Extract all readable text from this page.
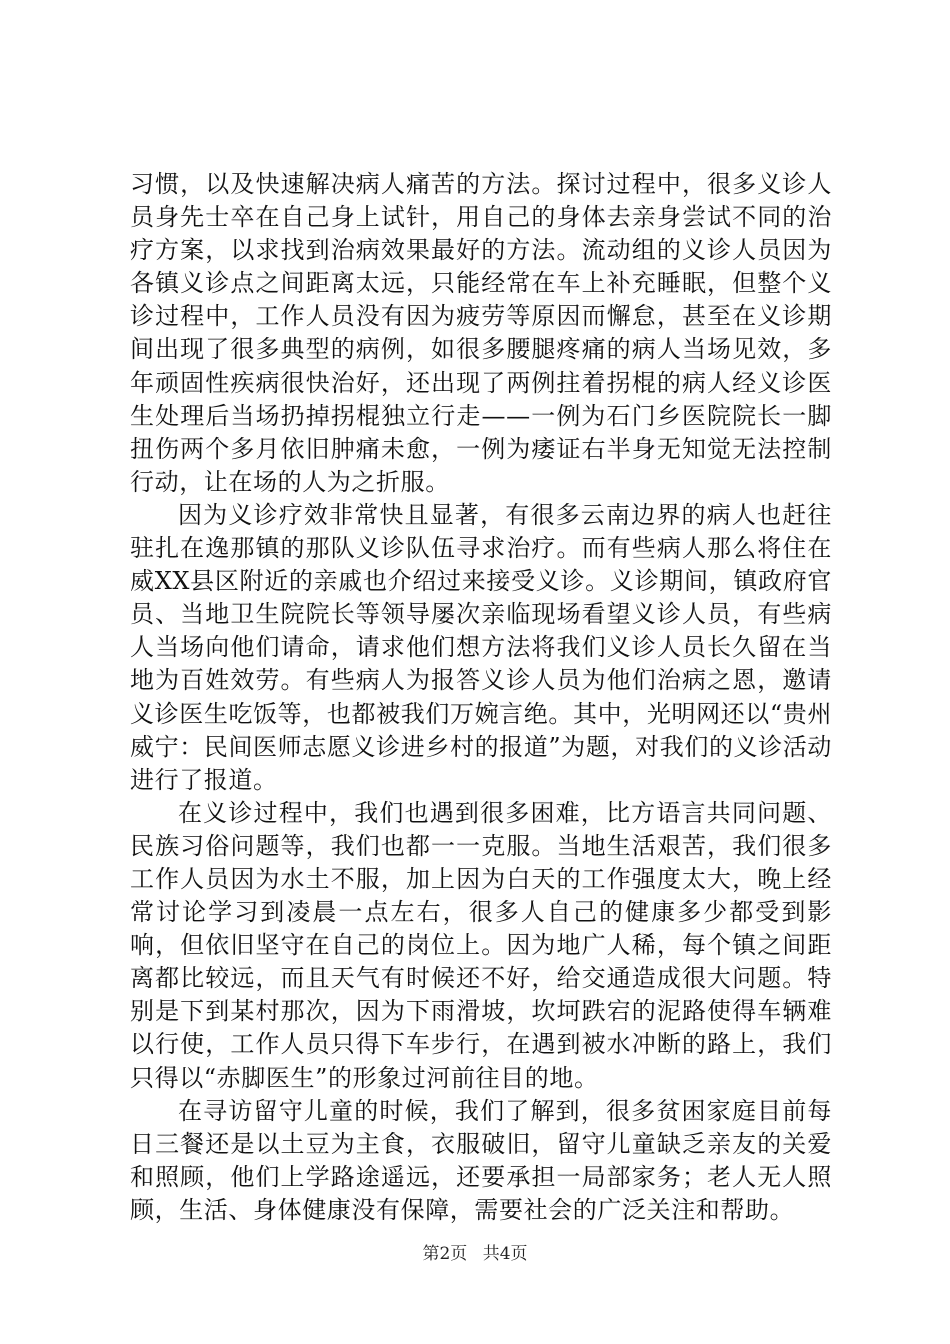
习惯，以及快速解决病人痛苦的方法。探讨过程中，很多义诊人员身先士卒在自己身上试针，用自己的身体去亲身尝试不同的治疗方案，以求找到治病效果最好的方法。流动组的义诊人员因为各镇义诊点之间距离太远，只能经常在车上补充睡眠，但整个义诊过程中，工作人员没有因为疲劳等原因而懈怠，甚至在义诊期间出现了很多典型的病例，如很多腰腿疼痛的病人当场见效，多年顽固性疾病很快治好，还出现了两例拄着拐棍的病人经义诊医生处理后当场扔掉拐棍独立行走——一例为石门乡医院院长一脚扭伤两个多月依旧肿痛未愈，一例为痿证右半身无知觉无法控制行动，让在场的人为之折服。

因为义诊疗效非常快且显著，有很多云南边界的病人也赶往驻扎在逸那镇的那队义诊队伍寻求治疗。而有些病人那么将住在威XX县区附近的亲戚也介绍过来接受义诊。义诊期间，镇政府官员、当地卫生院院长等领导屡次亲临现场看望义诊人员，有些病人当场向他们请命，请求他们想方法将我们义诊人员长久留在当地为百姓效劳。有些病人为报答义诊人员为他们治病之恩，邀请义诊医生吃饭等，也都被我们万婉言绝。其中，光明网还以“贵州威宁：民间医师志愿义诊进乡村的报道”为题，对我们的义诊活动进行了报道。

在义诊过程中，我们也遇到很多困难，比方语言共同问题、民族习俗问题等，我们也都一一克服。当地生活艰苦，我们很多工作人员因为水土不服，加上因为白天的工作强度太大，晚上经常讨论学习到凌晨一点左右，很多人自己的健康多少都受到影响，但依旧坚守在自己的岗位上。因为地广人稀，每个镇之间距离都比较远，而且天气有时候还不好，给交通造成很大问题。特别是下到某村那次，因为下雨滑坡，坎坷跌宕的泥路使得车辆难以行使，工作人员只得下车步行，在遇到被水冲断的路上，我们只得以“赤脚医生”的形象过河前往目的地。

在寻访留守儿童的时候，我们了解到，很多贫困家庭目前每日三餐还是以土豆为主食，衣服破旧，留守儿童缺乏亲友的关爱和照顾，他们上学路途遥远，还要承担一局部家务；老人无人照顾，生活、身体健康没有保障，需要社会的广泛关注和帮助。

第2页 共4页
